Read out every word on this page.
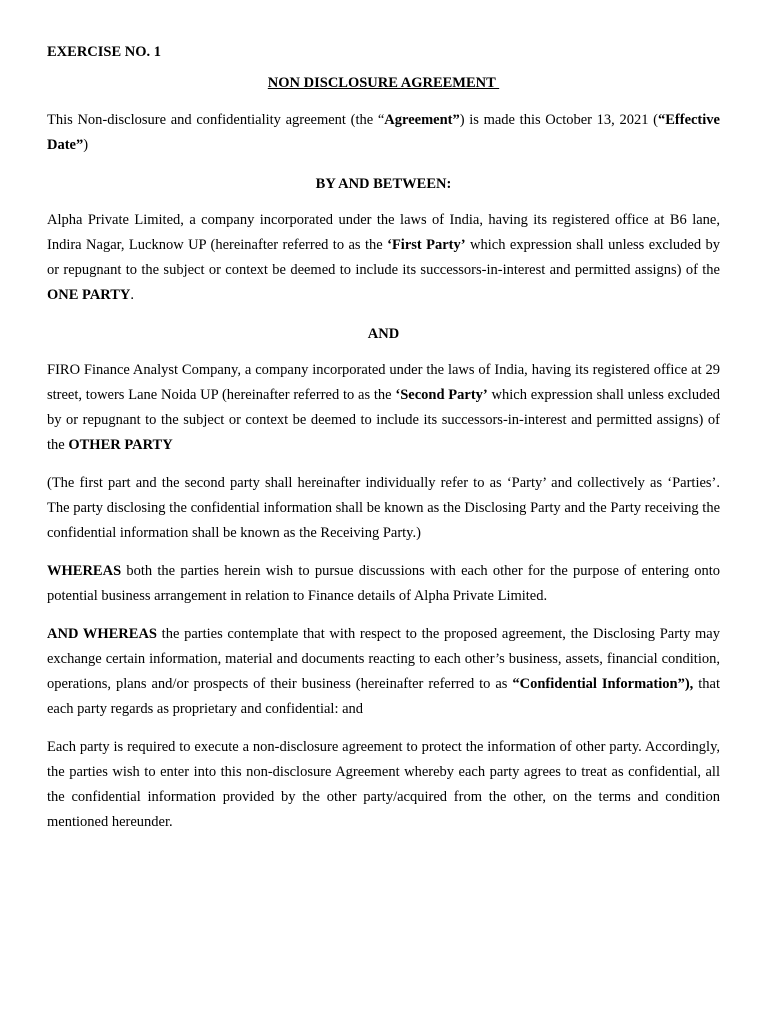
EXERCISE NO. 1
NON DISCLOSURE AGREEMENT
This Non-disclosure and confidentiality agreement (the “Agreement”) is made this October 13, 2021 (“Effective Date”)
BY AND BETWEEN:
Alpha Private Limited, a company incorporated under the laws of India, having its registered office at B6 lane, Indira Nagar, Lucknow UP (hereinafter referred to as the ‘First Party’ which expression shall unless excluded by or repugnant to the subject or context be deemed to include its successors-in-interest and permitted assigns) of the ONE PARTY.
AND
FIRO Finance Analyst Company, a company incorporated under the laws of India, having its registered office at 29 street, towers Lane Noida UP (hereinafter referred to as the ‘Second Party’ which expression shall unless excluded by or repugnant to the subject or context be deemed to include its successors-in-interest and permitted assigns) of the OTHER PARTY
(The first part and the second party shall hereinafter individually refer to as ‘Party’ and collectively as ‘Parties’. The party disclosing the confidential information shall be known as the Disclosing Party and the Party receiving the confidential information shall be known as the Receiving Party.)
WHEREAS both the parties herein wish to pursue discussions with each other for the purpose of entering onto potential business arrangement in relation to Finance details of Alpha Private Limited.
AND WHEREAS the parties contemplate that with respect to the proposed agreement, the Disclosing Party may exchange certain information, material and documents reacting to each other’s business, assets, financial condition, operations, plans and/or prospects of their business (hereinafter referred to as “Confidential Information”), that each party regards as proprietary and confidential: and
Each party is required to execute a non-disclosure agreement to protect the information of other party. Accordingly, the parties wish to enter into this non-disclosure Agreement whereby each party agrees to treat as confidential, all the confidential information provided by the other party/acquired from the other, on the terms and condition mentioned hereunder.
